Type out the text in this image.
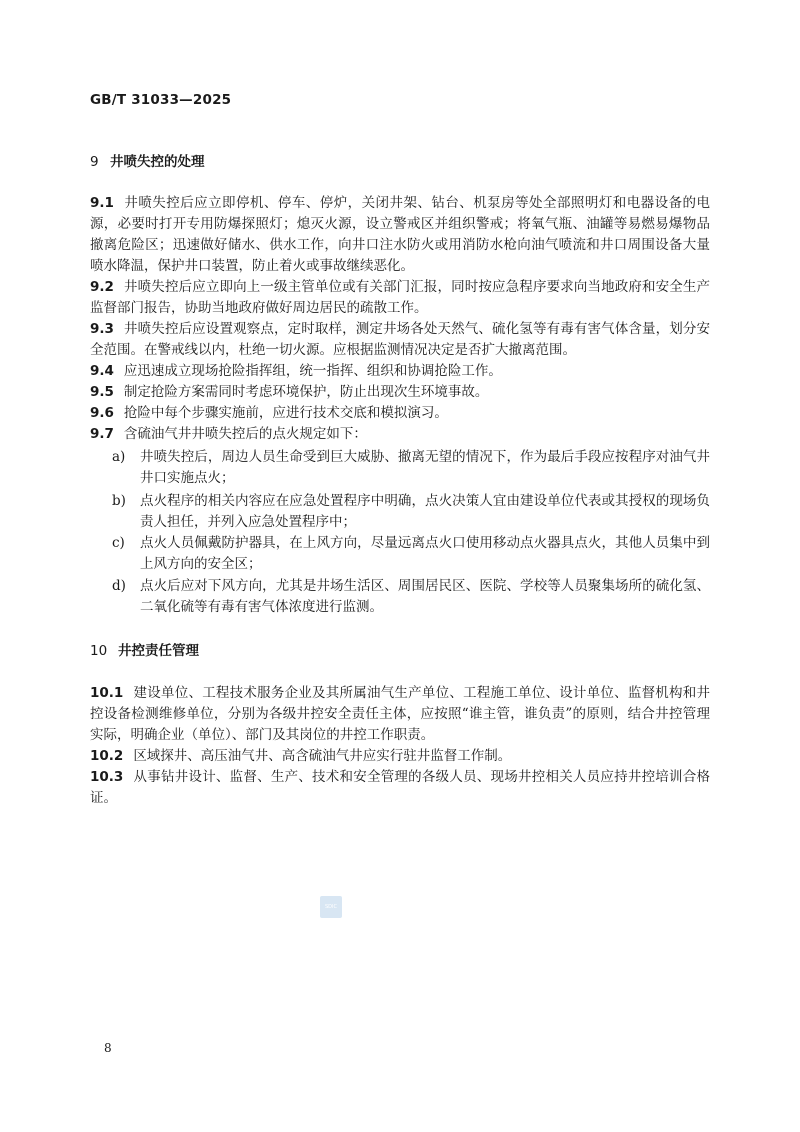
GB/T 31033—2025
9 井喷失控的处理
9.1 井喷失控后应立即停机、停车、停炉，关闭井架、钻台、机泵房等处全部照明灯和电器设备的电源，必要时打开专用防爆探照灯；熄灭火源，设立警戒区并组织警戒；将氧气瓶、油罐等易燃易爆物品撤离危险区；迅速做好储水、供水工作，向井口注水防火或用消防水枪向油气喷流和井口周围设备大量喷水降温，保护井口装置，防止着火或事故继续恶化。
9.2 井喷失控后应立即向上一级主管单位或有关部门汇报，同时按应急程序要求向当地政府和安全生产监督部门报告，协助当地政府做好周边居民的疏散工作。
9.3 井喷失控后应设置观察点，定时取样，测定井场各处天然气、硫化氢等有毒有害气体含量，划分安全范围。在警戒线以内，杜绝一切火源。应根据监测情况决定是否扩大撤离范围。
9.4 应迅速成立现场抢险指挥组，统一指挥、组织和协调抢险工作。
9.5 制定抢险方案需同时考虑环境保护，防止出现次生环境事故。
9.6 抢险中每个步骤实施前，应进行技术交底和模拟演习。
9.7 含硫油气井井喷失控后的点火规定如下：
a) 井喷失控后，周边人员生命受到巨大威胁、撤离无望的情况下，作为最后手段应按程序对油气井井口实施点火；
b) 点火程序的相关内容应在应急处置程序中明确，点火决策人宜由建设单位代表或其授权的现场负责人担任，并列入应急处置程序中；
c) 点火人员佩戴防护器具，在上风方向，尽量远离点火口使用移动点火器具点火，其他人员集中到上风方向的安全区；
d) 点火后应对下风方向，尤其是井场生活区、周围居民区、医院、学校等人员聚集场所的硫化氢、二氧化硫等有毒有害气体浓度进行监测。
10 井控责任管理
10.1 建设单位、工程技术服务企业及其所属油气生产单位、工程施工单位、设计单位、监督机构和井控设备检测维修单位，分别为各级井控安全责任主体，应按照“谁主管，谁负责”的原则，结合井控管理实际，明确企业（单位）、部门及其岗位的井控工作职责。
10.2 区域探井、高压油气井、高含硫油气井应实行驻井监督工作制。
10.3 从事钻井设计、监督、生产、技术和安全管理的各级人员、现场井控相关人员应持井控培训合格证。
SDIC
8
